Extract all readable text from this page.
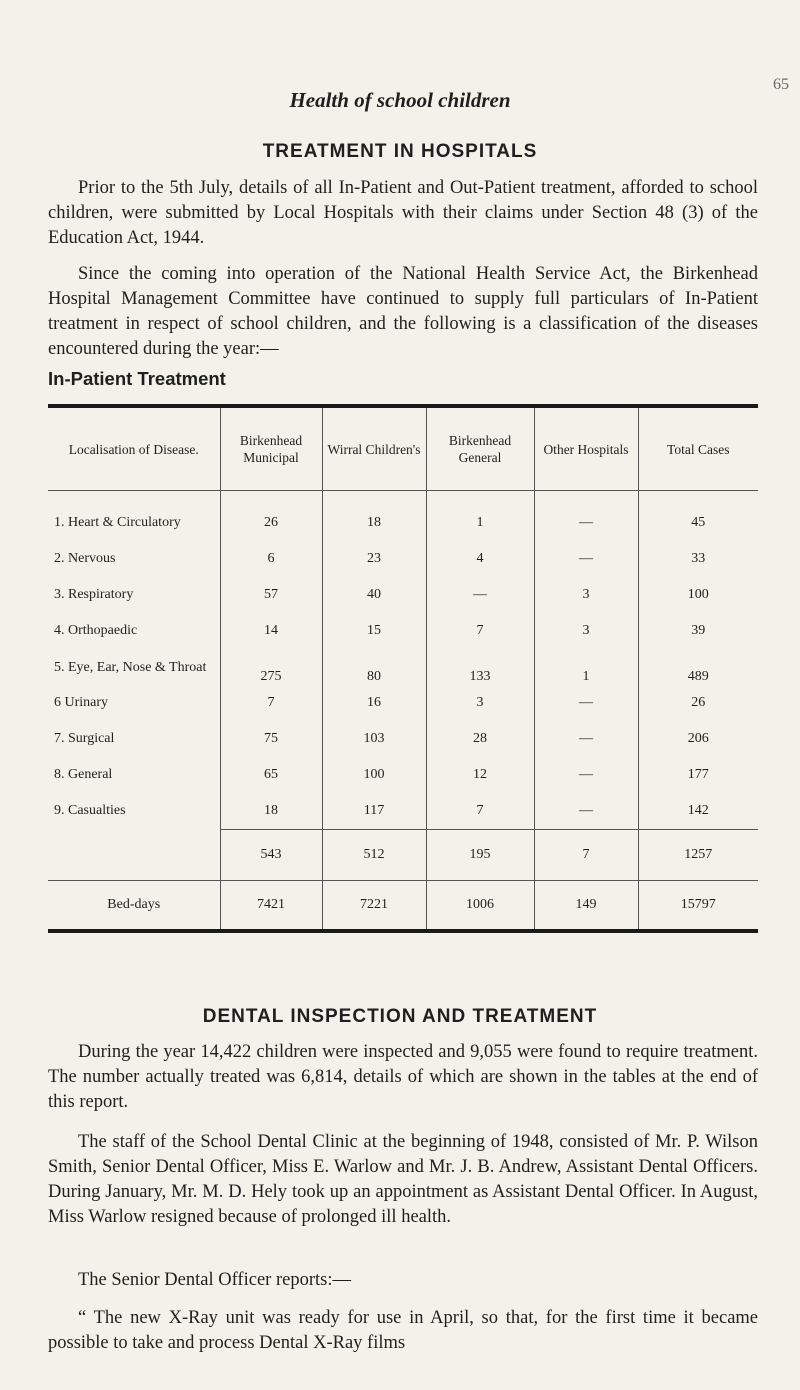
65
Health of school children
TREATMENT IN HOSPITALS

Prior to the 5th July, details of all In-Patient and Out-Patient treatment, afforded to school children, were submitted by Local Hospitals with their claims under Section 48 (3) of the Education Act, 1944.

Since the coming into operation of the National Health Service Act, the Birkenhead Hospital Management Committee have continued to supply full particulars of In-Patient treatment in respect of school children, and the following is a classification of the diseases encountered during the year:—

In-Patient Treatment
Localisation of Disease.	Birkenhead Municipal	Wirral Children's	Birkenhead General	Other Hospitals	Total Cases

1. Heart & Circulatory	26	18	1	—	45
2. Nervous	6	23	4	—	33
3. Respiratory	57	40	—	3	100
4. Orthopaedic	14	15	7	3	39
5. Eye, Ear, Nose & Throat	275	80	133	1	489
6 Urinary	7	16	3	—	26
7. Surgical	75	103	28	—	206
8. General	65	100	12	—	177
9. Casualties	18	117	7	—	142
	543	512	195	7	1257
Bed-days	7421	7221	1006	149	15797
DENTAL INSPECTION AND TREATMENT

During the year 14,422 children were inspected and 9,055 were found to require treatment. The number actually treated was 6,814, details of which are shown in the tables at the end of this report.

The staff of the School Dental Clinic at the beginning of 1948, consisted of Mr. P. Wilson Smith, Senior Dental Officer, Miss E. Warlow and Mr. J. B. Andrew, Assistant Dental Officers. During January, Mr. M. D. Hely took up an appointment as Assistant Dental Officer. In August, Miss Warlow resigned because of prolonged ill health.

The Senior Dental Officer reports:—

“ The new X-Ray unit was ready for use in April, so that, for the first time it became possible to take and process Dental X-Ray films
